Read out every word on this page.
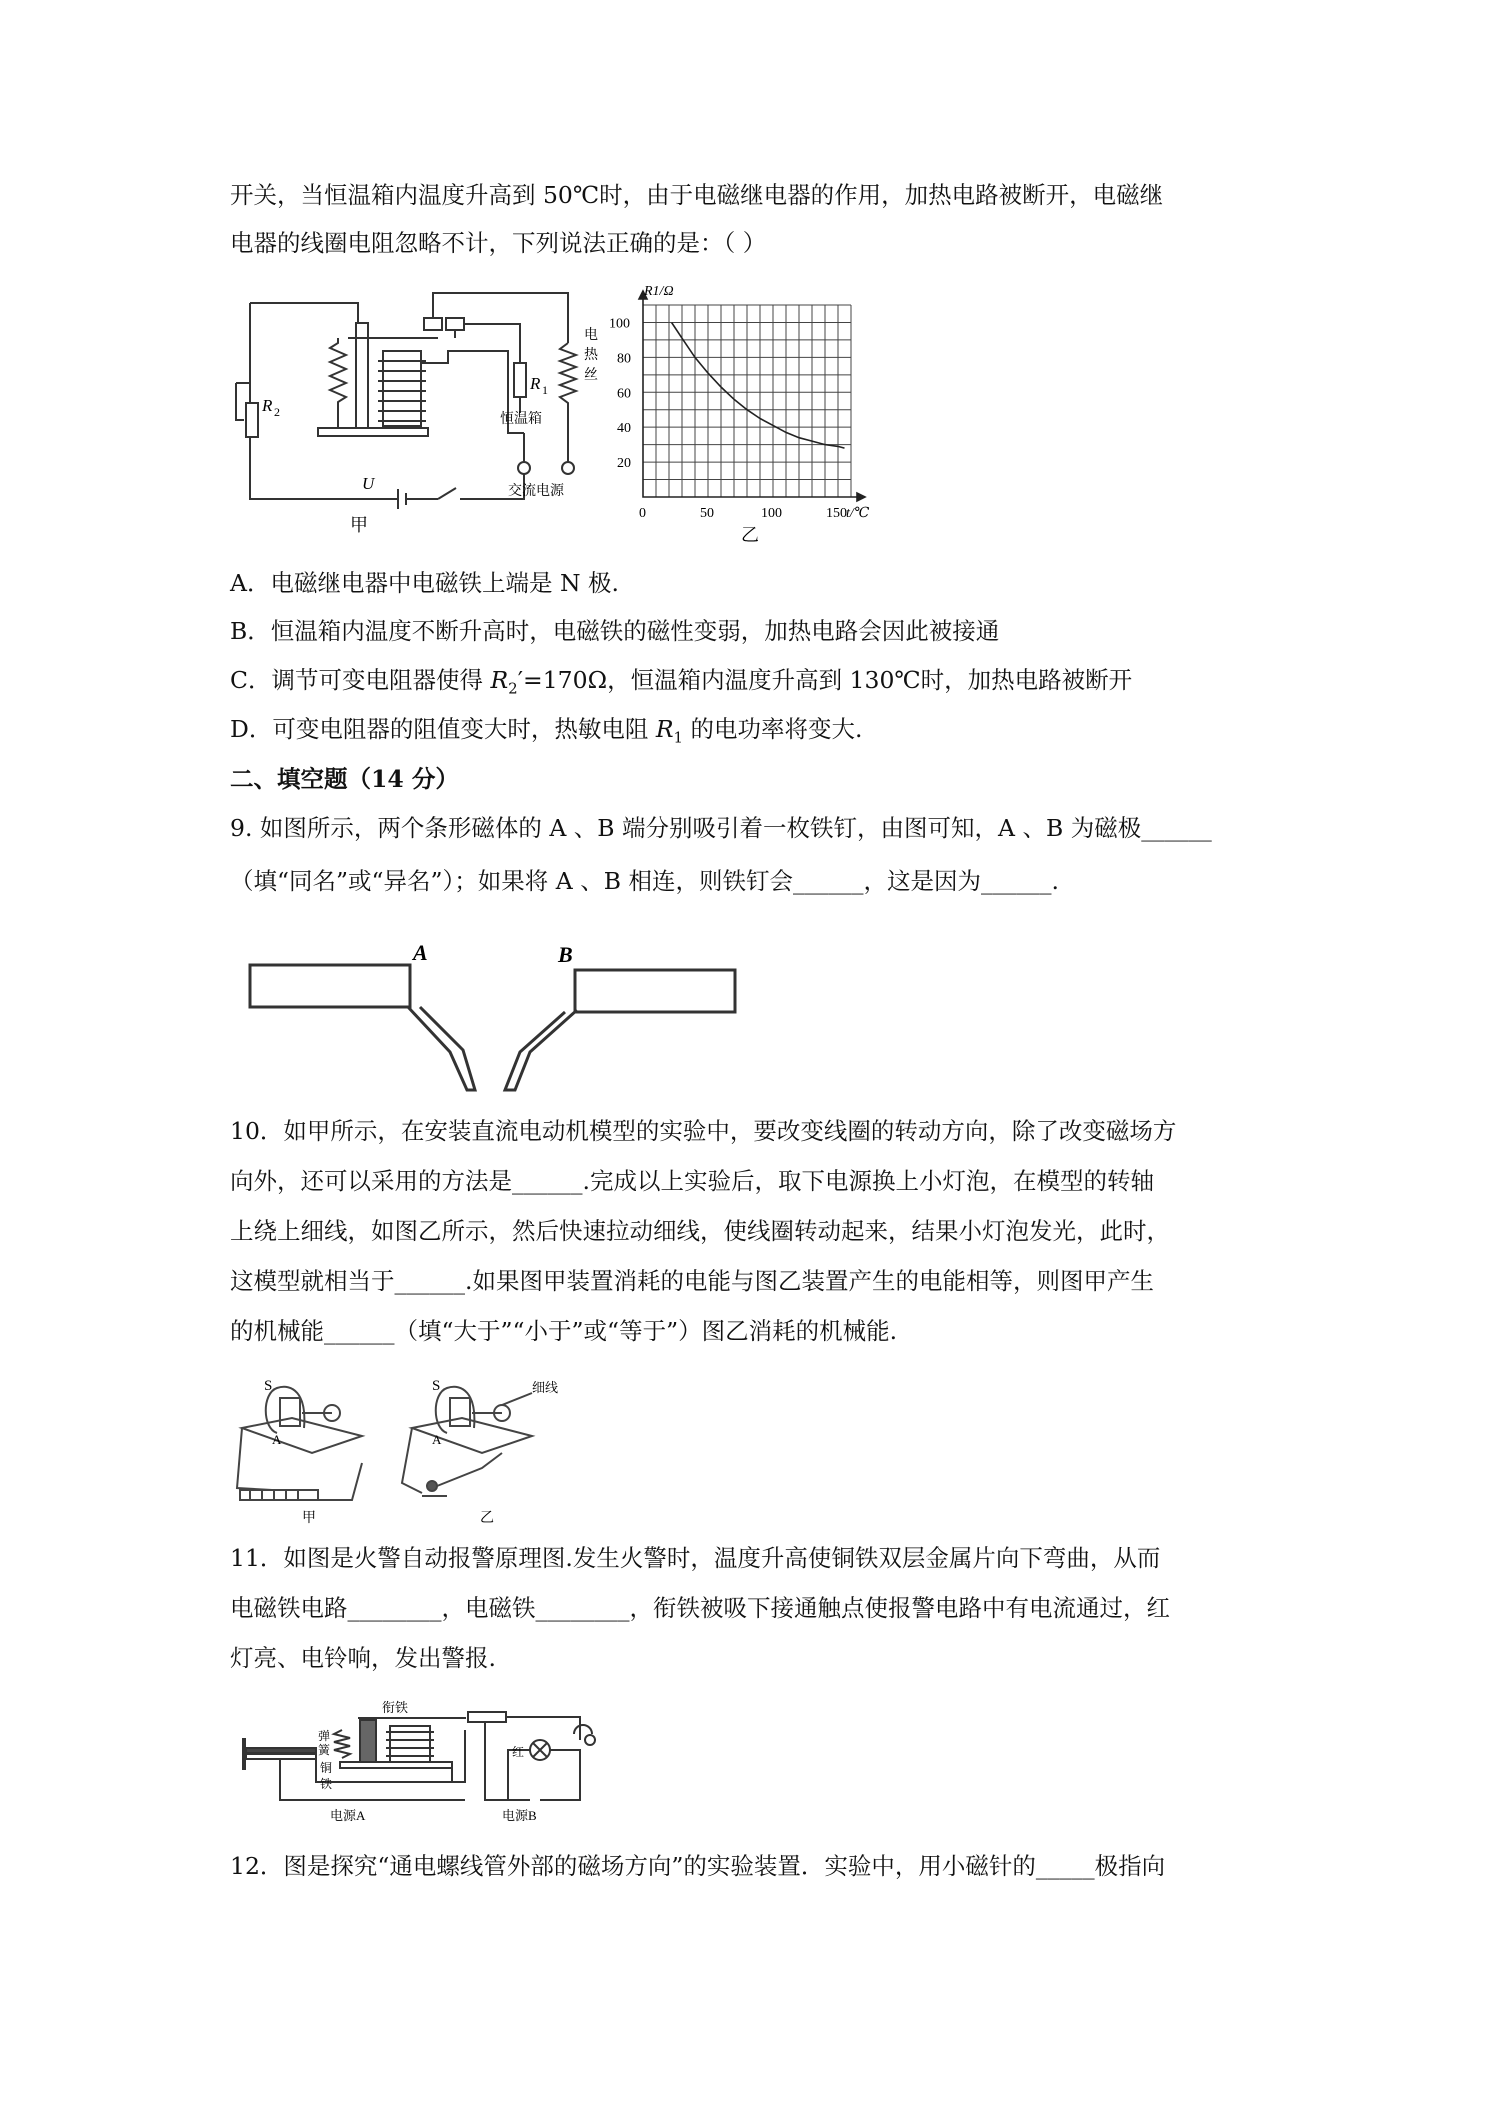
开关，当恒温箱内温度升高到 50℃时，由于电磁继电器的作用，加热电路被断开，电磁继
电器的线圈电阻忽略不计，下列说法正确的是：（ ）
R 2
R 1
恒温箱
电
热
丝
U	交流电源
甲
0	50	100	150
20
40
60
80
100
R1/Ω
t/℃
乙
A．电磁继电器中电磁铁上端是 N 极.
B．恒温箱内温度不断升高时，电磁铁的磁性变弱，加热电路会因此被接通
C．调节可变电阻器使得 $R_2'=170\Omega$，恒温箱内温度升高到 130℃时，加热电路被断开
D．可变电阻器的阻值变大时，热敏电阻 $R_1$ 的电功率将变大.
二、填空题（14 分）
9. 如图所示，两个条形磁体的 A 、B 端分别吸引着一枚铁钉，由图可知，A 、B 为磁极______
（填“同名”或“异名”）；如果将 A 、B 相连，则铁钉会______，这是因为______.
A	B
10．如甲所示，在安装直流电动机模型的实验中，要改变线圈的转动方向，除了改变磁场方
向外，还可以采用的方法是______.完成以上实验后，取下电源换上小灯泡，在模型的转轴
上绕上细线，如图乙所示，然后快速拉动细线，使线圈转动起来，结果小灯泡发光，此时，
这模型就相当于______.如果图甲装置消耗的电能与图乙装置产生的电能相等，则图甲产生
的机械能______（填“大于”“小于”或“等于”）图乙消耗的机械能.
S	S
A	A
细线
甲	乙
11．如图是火警自动报警原理图.发生火警时，温度升高使铜铁双层金属片向下弯曲，从而
电磁铁电路________，电磁铁________，衔铁被吸下接通触点使报警电路中有电流通过，红
灯亮、电铃响，发出警报.
衔铁
弹
簧
铜
铁
红
电源A	电源B
12．图是探究“通电螺线管外部的磁场方向”的实验装置．实验中，用小磁针的_____极指向
